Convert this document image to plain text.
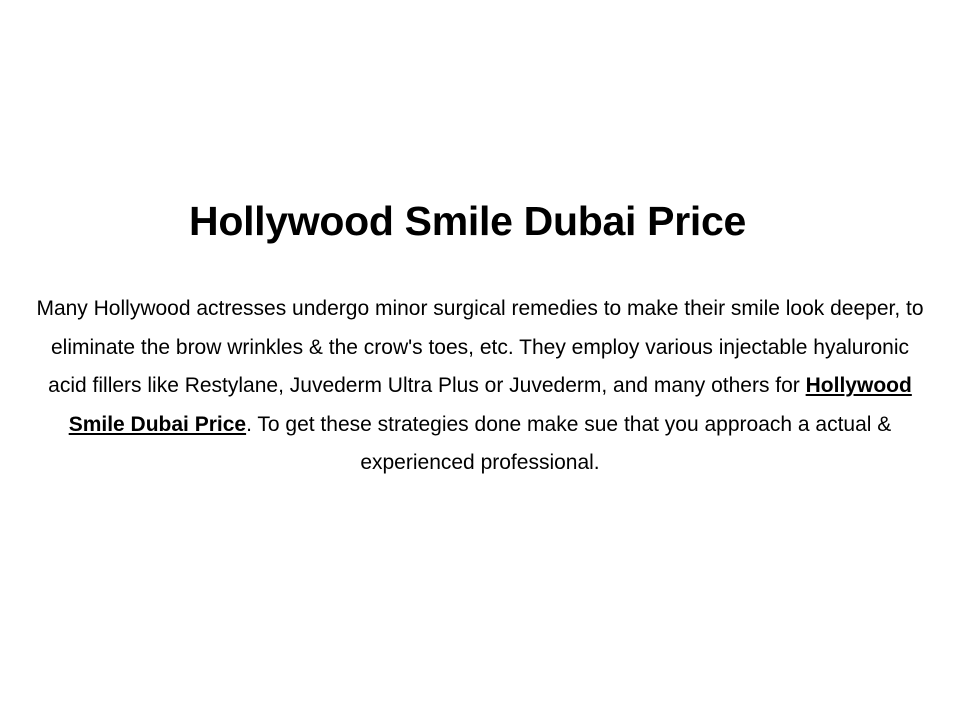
Hollywood Smile Dubai Price

Many Hollywood actresses undergo minor surgical remedies to make their smile look deeper, to eliminate the brow wrinkles & the crow's toes, etc. They employ various injectable hyaluronic acid fillers like Restylane, Juvederm Ultra Plus or Juvederm, and many others for Hollywood Smile Dubai Price. To get these strategies done make sue that you approach a actual & experienced professional.
